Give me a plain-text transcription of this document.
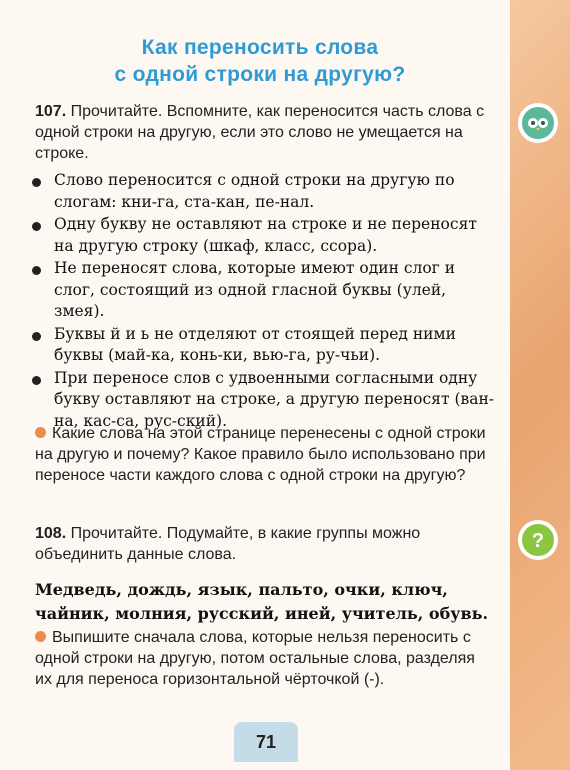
Как переносить слова
с одной строки на другую?
107. Прочитайте. Вспомните, как переносится часть слова с одной строки на другую, если это слово не умещается на строке.
Слово переносится с одной строки на другую по слогам: кни-га, ста-кан, пе-нал.
Одну букву не оставляют на строке и не переносят на другую строку (шкаф, класс, ссора).
Не переносят слова, которые имеют один слог и слог, состоящий из одной гласной буквы (улей, змея).
Буквы й и ь не отделяют от стоящей перед ними буквы (май-ка, конь-ки, вью-га, ру-чьи).
При переносе слов с удвоенными согласными одну букву оставляют на строке, а другую переносят (ван-на, кас-са, рус-ский).
Какие слова на этой странице перенесены с одной строки на другую и почему? Какое правило было использовано при переносе части каждого слова с одной строки на другую?
108. Прочитайте. Подумайте, в какие группы можно объединить данные слова.
Медведь, дождь, язык, пальто, очки, ключ, чайник, молния, русский, иней, учитель, обувь.
Выпишите сначала слова, которые нельзя переносить с одной строки на другую, потом остальные слова, разделяя их для переноса горизонтальной чёрточкой (-).
71
?
